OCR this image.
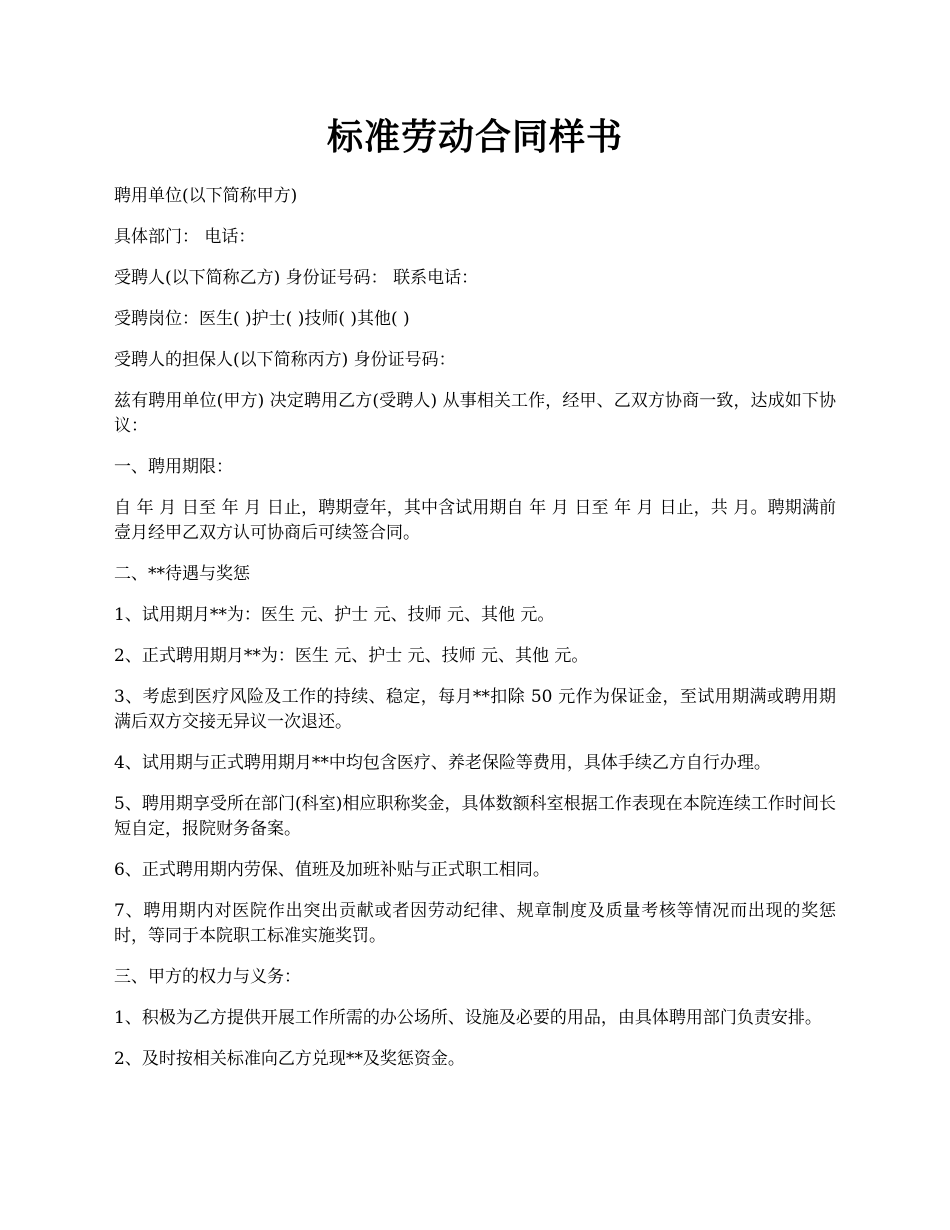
标准劳动合同样书

聘用单位(以下简称甲方)

具体部门： 电话：

受聘人(以下简称乙方) 身份证号码： 联系电话：

受聘岗位：医生( )护士( )技师( )其他( )

受聘人的担保人(以下简称丙方) 身份证号码：

兹有聘用单位(甲方) 决定聘用乙方(受聘人) 从事相关工作，经甲、乙双方协商一致，达成如下协议：

一、聘用期限：

自 年 月 日至 年 月 日止，聘期壹年，其中含试用期自 年 月 日至 年 月 日止，共 月。聘期满前壹月经甲乙双方认可协商后可续签合同。

二、**待遇与奖惩

1、试用期月**为：医生 元、护士 元、技师 元、其他 元。

2、正式聘用期月**为：医生 元、护士 元、技师 元、其他 元。

3、考虑到医疗风险及工作的持续、稳定，每月**扣除 50 元作为保证金，至试用期满或聘用期满后双方交接无异议一次退还。

4、试用期与正式聘用期月**中均包含医疗、养老保险等费用，具体手续乙方自行办理。

5、聘用期享受所在部门(科室)相应职称奖金，具体数额科室根据工作表现在本院连续工作时间长短自定，报院财务备案。

6、正式聘用期内劳保、值班及加班补贴与正式职工相同。

7、聘用期内对医院作出突出贡献或者因劳动纪律、规章制度及质量考核等情况而出现的奖惩时，等同于本院职工标准实施奖罚。

三、甲方的权力与义务：

1、积极为乙方提供开展工作所需的办公场所、设施及必要的用品，由具体聘用部门负责安排。

2、及时按相关标准向乙方兑现**及奖惩资金。
